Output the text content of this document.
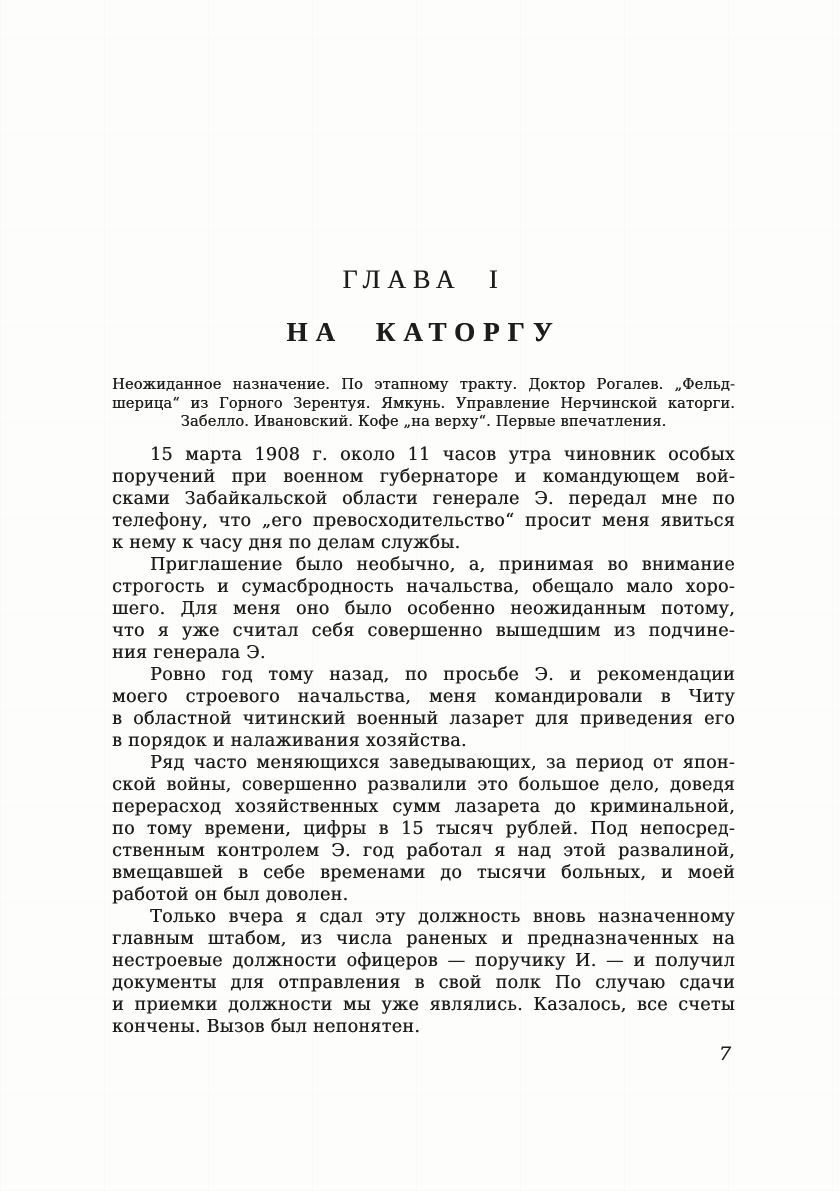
ГЛАВА I
НА КАТОРГУ
Неожиданное назначение. По этапному тракту. Доктор Рогалев. „Фельд-
шерица“ из Горного Зерентуя. Ямкунь. Управление Нерчинской каторги.
Забелло. Ивановский. Кофе „на верху“. Первые впечатления.
15 марта 1908 г. около 11 часов утра чиновник особых
поручений при военном губернаторе и командующем вой-
сками Забайкальской области генерале Э. передал мне по
телефону, что „его превосходительство“ просит меня явиться
к нему к часу дня по делам службы.
Приглашение было необычно, а, принимая во внимание
строгость и сумасбродность начальства, обещало мало хоро-
шего. Для меня оно было особенно неожиданным потому,
что я уже считал себя совершенно вышедшим из подчине-
ния генерала Э.
Ровно год тому назад, по просьбе Э. и рекомендации
моего строевого начальства, меня командировали в Читу
в областной читинский военный лазарет для приведения его
в порядок и налаживания хозяйства.
Ряд часто меняющихся заведывающих, за период от япон-
ской войны, совершенно развалили это большое дело, доведя
перерасход хозяйственных сумм лазарета до криминальной,
по тому времени, цифры в 15 тысяч рублей. Под непосред-
ственным контролем Э. год работал я над этой развалиной,
вмещавшей в себе временами до тысячи больных, и моей
работой он был доволен.
Только вчера я сдал эту должность вновь назначенному
главным штабом, из числа раненых и предназначенных на
нестроевые должности офицеров — поручику И. — и получил
документы для отправления в свой полк По случаю сдачи
и приемки должности мы уже являлись. Казалось, все счеты
кончены. Вызов был непонятен.
7
